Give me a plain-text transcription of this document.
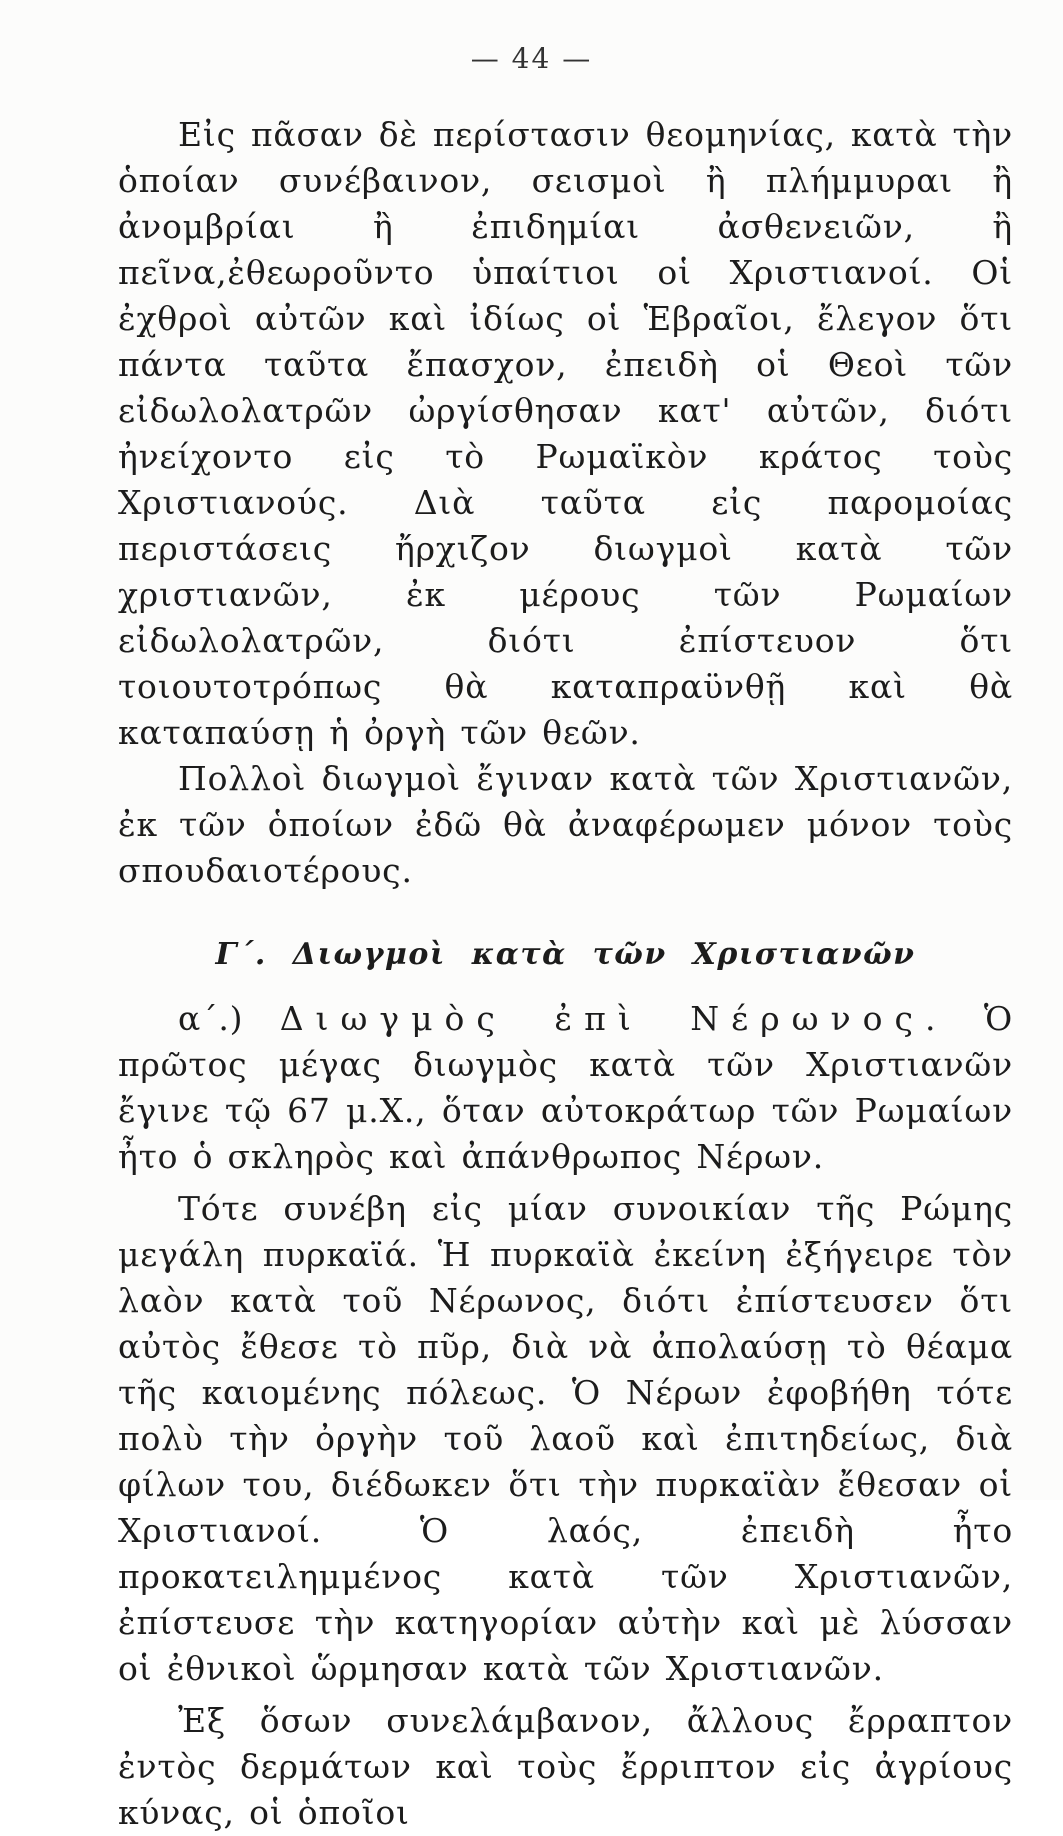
— 44 —

Εἰς πᾶσαν δὲ περίστασιν θεομηνίας, κατὰ τὴν ὁποίαν συνέβαινον, σεισμοὶ ἢ πλήμμυραι ἢ ἀνομβρίαι ἢ ἐπιδημίαι ἀσθενειῶν, ἢ πεῖνα,ἐθεωροῦντο ὑπαίτιοι οἱ Χριστιανοί. Οἱ ἐχθροὶ αὐτῶν καὶ ἰδίως οἱ Ἑβραῖοι, ἔλεγον ὅτι πάντα ταῦτα ἔπασχον, ἐπειδὴ οἱ Θεοὶ τῶν εἰδωλολατρῶν ὠργίσθησαν κατ' αὐτῶν, διότι ἠνείχοντο εἰς τὸ Ρωμαϊκὸν κράτος τοὺς Χριστιανούς. Διὰ ταῦτα εἰς παρομοίας περιστάσεις ἤρχιζον διωγμοὶ κατὰ τῶν χριστιανῶν, ἐκ μέρους τῶν Ρωμαίων εἰδωλολατρῶν, διότι ἐπίστευον ὅτι τοιουτοτρόπως θὰ καταπραϋνθῇ καὶ θὰ καταπαύσῃ ἡ ὀργὴ τῶν θεῶν.

Πολλοὶ διωγμοὶ ἔγιναν κατὰ τῶν Χριστιανῶν, ἐκ τῶν ὁποίων ἐδῶ θὰ ἀναφέρωμεν μόνον τοὺς σπουδαιοτέρους.

Γ΄. Διωγμοὶ κατὰ τῶν Χριστιανῶν

α΄.) Διωγμὸς ἐπὶ Νέρωνος. Ὁ πρῶτος μέγας διωγμὸς κατὰ τῶν Χριστιανῶν ἔγινε τῷ 67 μ.Χ., ὅταν αὐτοκράτωρ τῶν Ρωμαίων ἦτο ὁ σκληρὸς καὶ ἀπάνθρωπος Νέρων.

Τότε συνέβη εἰς μίαν συνοικίαν τῆς Ρώμης μεγάλη πυρκαϊά. Ἡ πυρκαϊὰ ἐκείνη ἐξήγειρε τὸν λαὸν κατὰ τοῦ Νέρωνος, διότι ἐπίστευσεν ὅτι αὐτὸς ἔθεσε τὸ πῦρ, διὰ νὰ ἀπολαύσῃ τὸ θέαμα τῆς καιομένης πόλεως. Ὁ Νέρων ἐφοβήθη τότε πολὺ τὴν ὀργὴν τοῦ λαοῦ καὶ ἐπιτηδείως, διὰ φίλων του, διέδωκεν ὅτι τὴν πυρκαϊὰν ἔθεσαν οἱ Χριστιανοί. Ὁ λαός, ἐπειδὴ ἦτο προκατειλημμένος κατὰ τῶν Χριστιανῶν, ἐπίστευσε τὴν κατηγορίαν αὐτὴν καὶ μὲ λύσσαν οἱ ἐθνικοὶ ὥρμησαν κατὰ τῶν Χριστιανῶν.

Ἐξ ὅσων συνελάμβανον, ἄλλους ἔρραπτον ἐντὸς δερμάτων καὶ τοὺς ἔρριπτον εἰς ἀγρίους κύνας, οἱ ὁποῖοι
